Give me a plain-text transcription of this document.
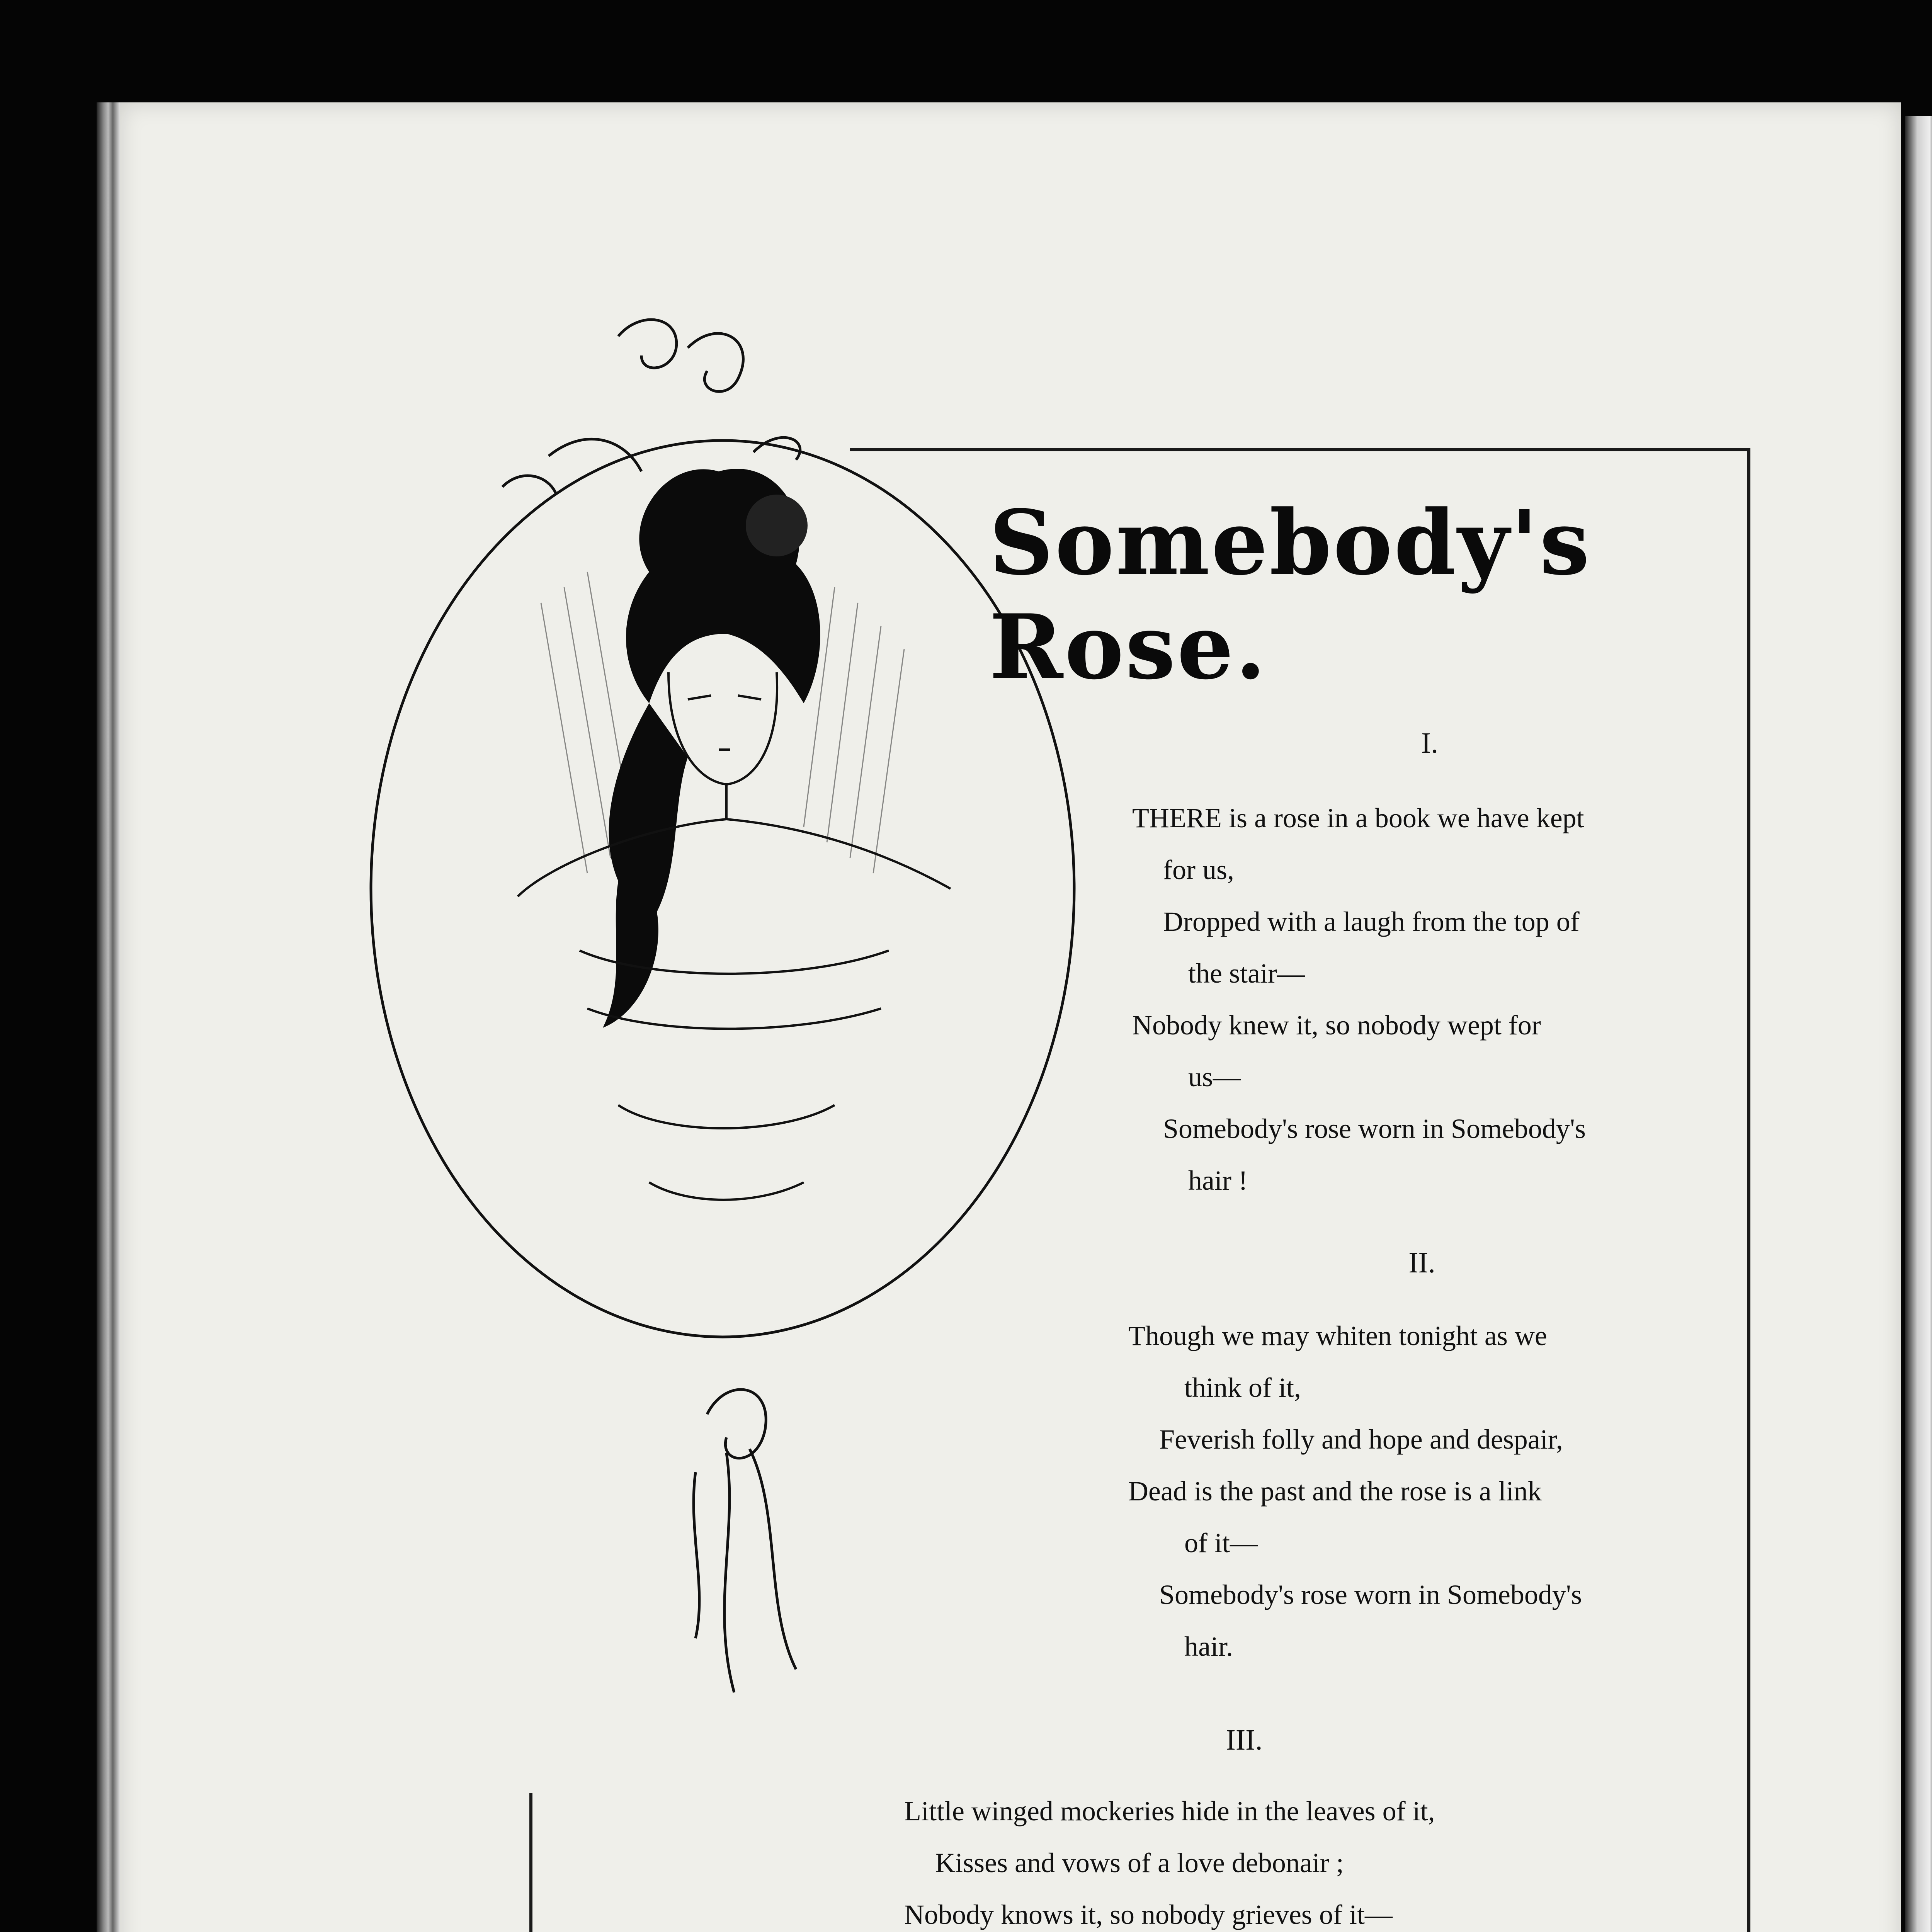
Somebody's Rose.
I.
THERE is a rose in a book we have kept
for us,
Dropped with a laugh from the top of
the stair—
Nobody knew it, so nobody wept for
us—
Somebody's rose worn in Somebody's
hair !
II.
Though we may whiten tonight as we
think of it,
Feverish folly and hope and despair,
Dead is the past and the rose is a link
of it—
Somebody's rose worn in Somebody's
hair.
III.
Little winged mockeries hide in the leaves of it,
Kisses and vows of a love debonair ;
Nobody knows it, so nobody grieves of it—
